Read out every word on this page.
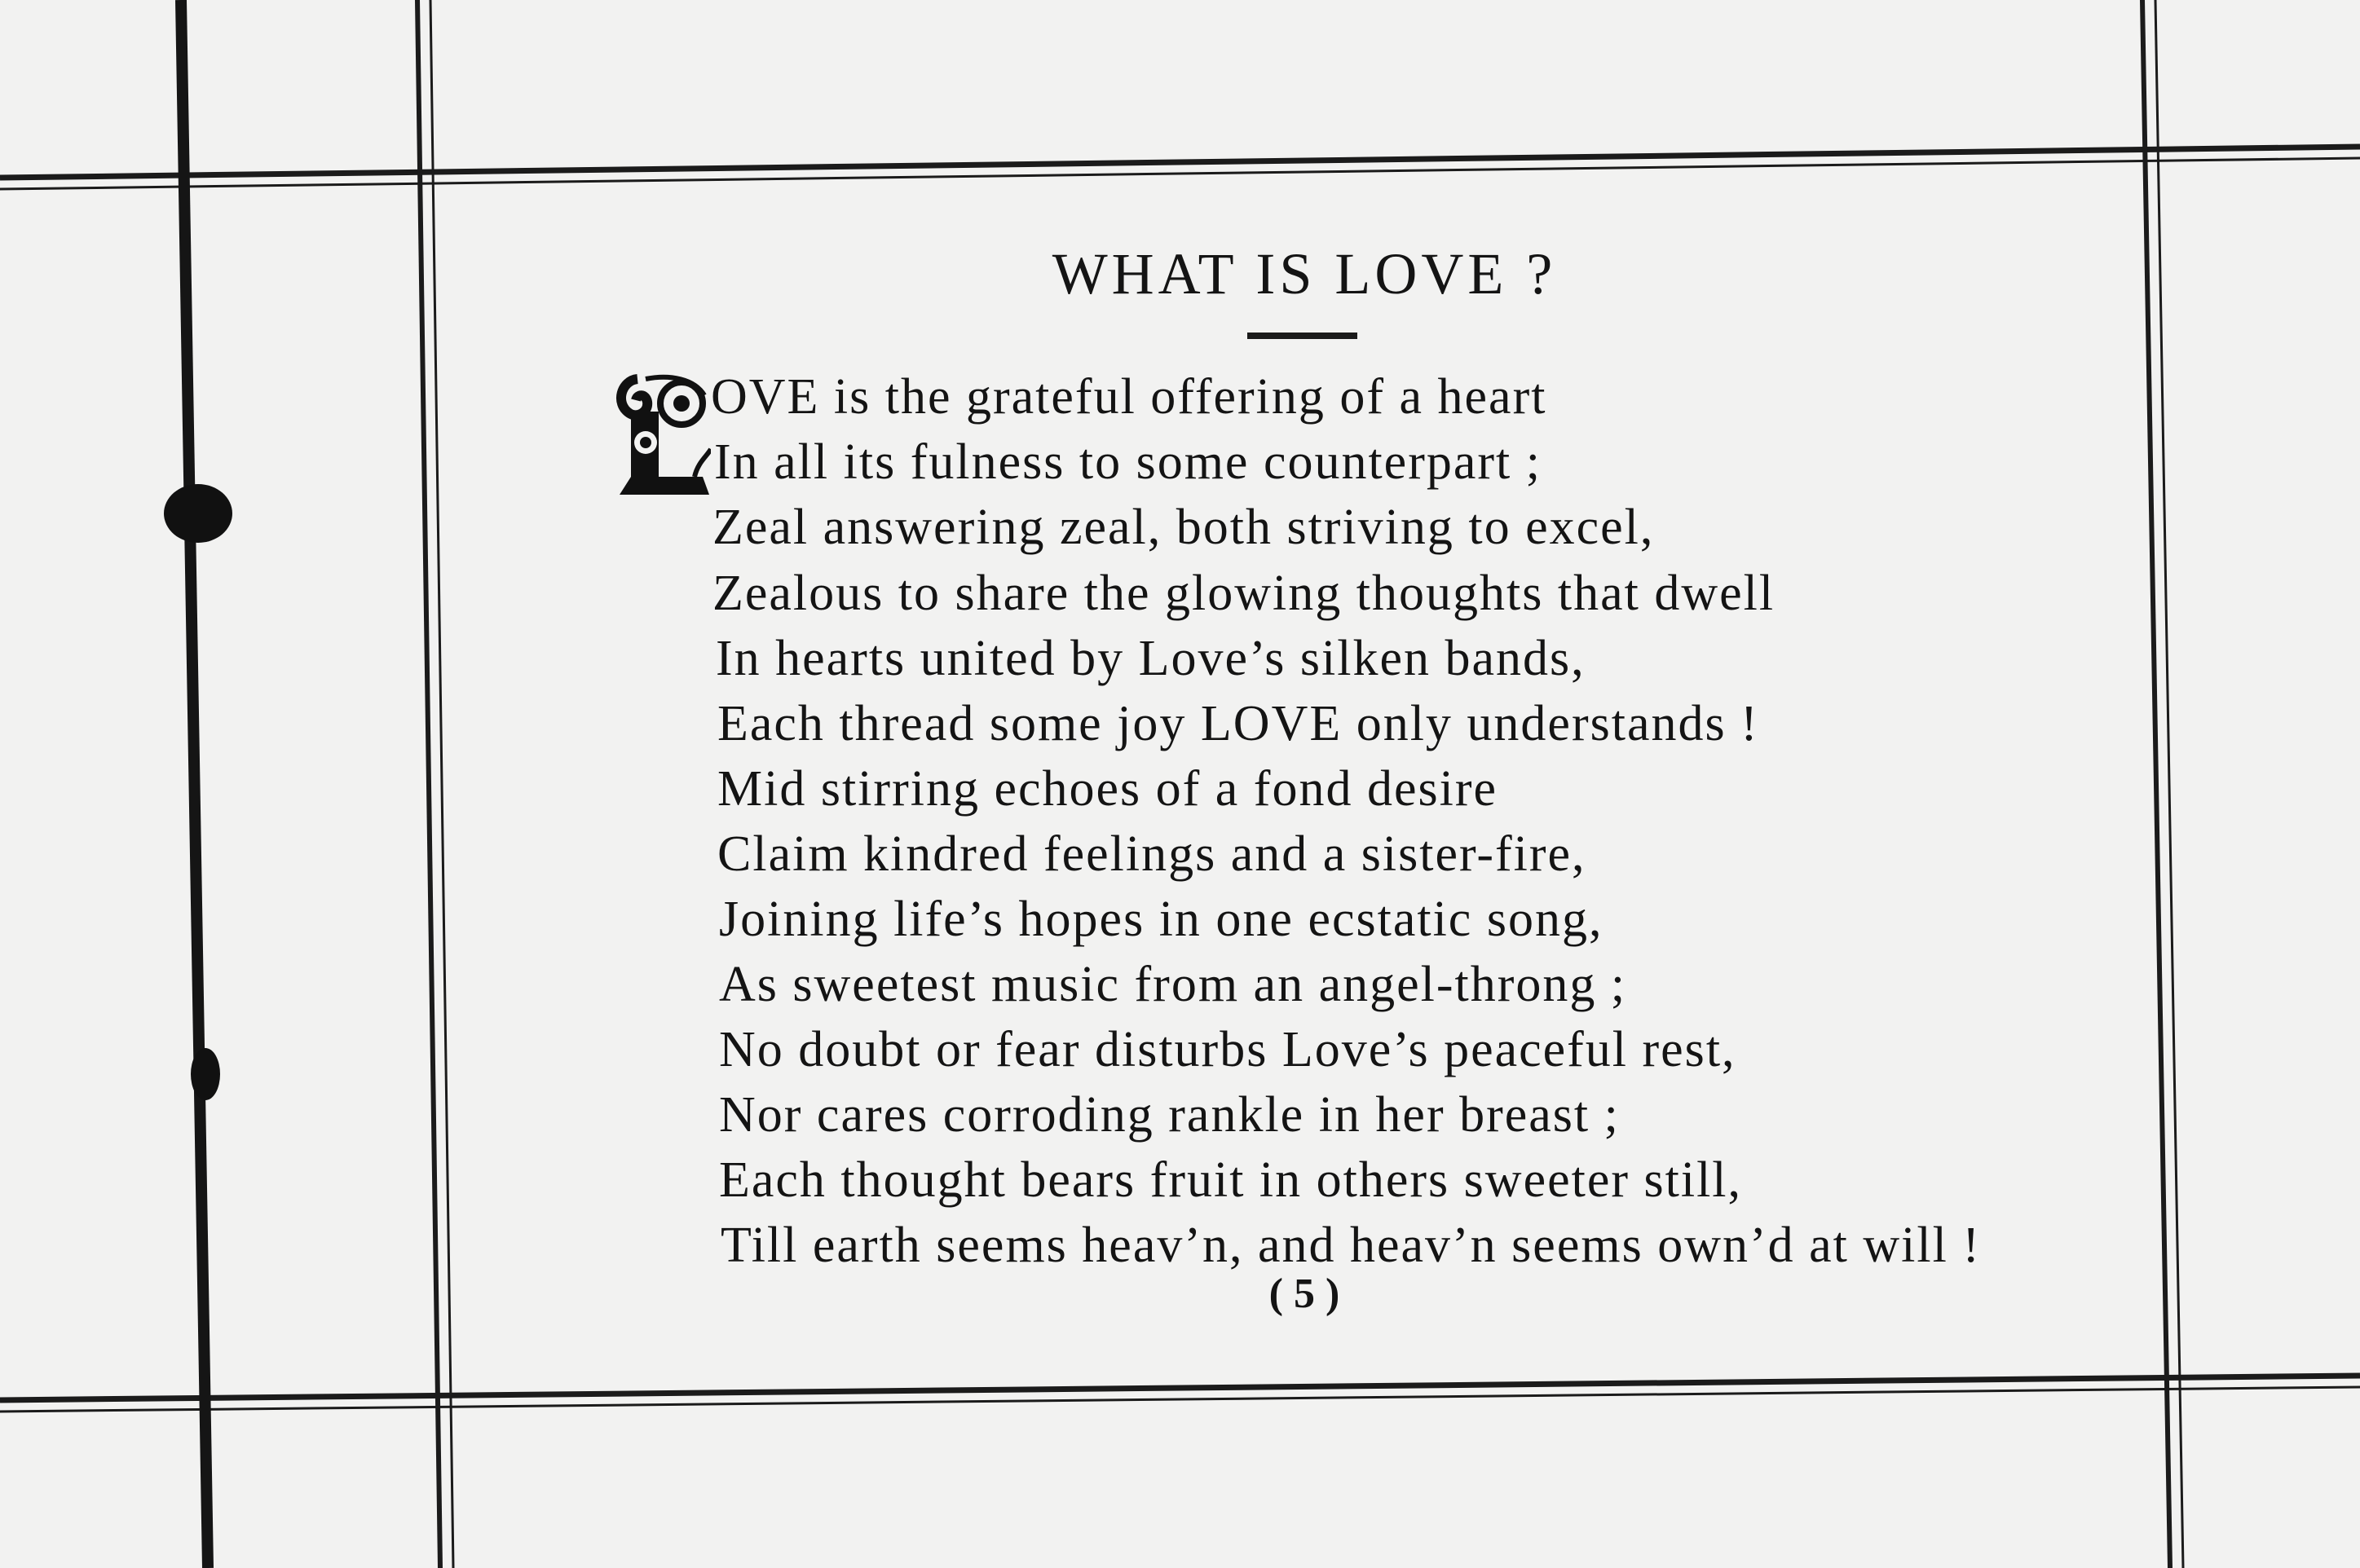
WHAT IS LOVE ?
OVE is the grateful offering of a heart
In all its fulness to some counterpart ;
Zeal answering zeal, both striving to excel,
Zealous to share the glowing thoughts that dwell
In hearts united by Love’s silken bands,
Each thread some joy LOVE only understands !
Mid stirring echoes of a fond desire
Claim kindred feelings and a sister-fire,
Joining life’s hopes in one ecstatic song,
As sweetest music from an angel-throng ;
No doubt or fear disturbs Love’s peaceful rest,
Nor cares corroding rankle in her breast ;
Each thought bears fruit in others sweeter still,
Till earth seems heav’n, and heav’n seems own’d at will !
( 5 )
